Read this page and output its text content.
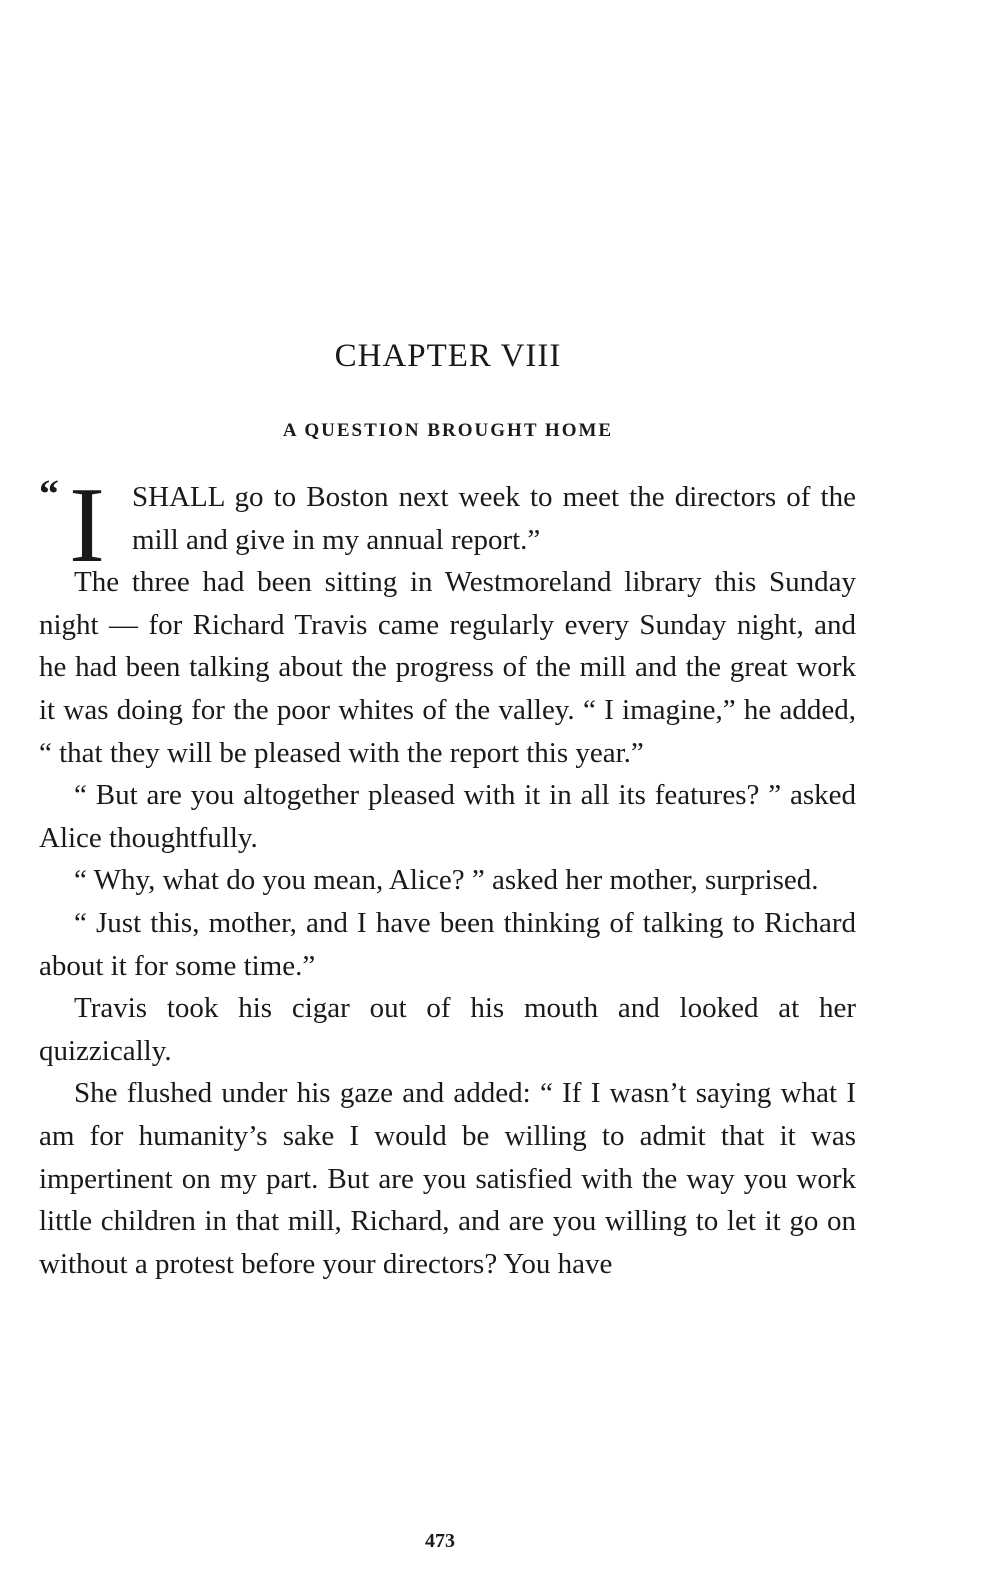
CHAPTER VIII
A QUESTION BROUGHT HOME
“ I SHALL go to Boston next week to meet the directors of the mill and give in my annual report.”

The three had been sitting in Westmoreland library this Sunday night — for Richard Travis came regularly every Sunday night, and he had been talking about the progress of the mill and the great work it was doing for the poor whites of the valley. “ I imagine,” he added, “ that they will be pleased with the report this year.”

“ But are you altogether pleased with it in all its features? ” asked Alice thoughtfully.

“ Why, what do you mean, Alice? ” asked her mother, surprised.

“ Just this, mother, and I have been thinking of talking to Richard about it for some time.”

Travis took his cigar out of his mouth and looked at her quizzically.

She flushed under his gaze and added: “ If I wasn’t saying what I am for humanity’s sake I would be willing to admit that it was impertinent on my part. But are you satisfied with the way you work little children in that mill, Richard, and are you willing to let it go on without a protest before your directors? You have

473
